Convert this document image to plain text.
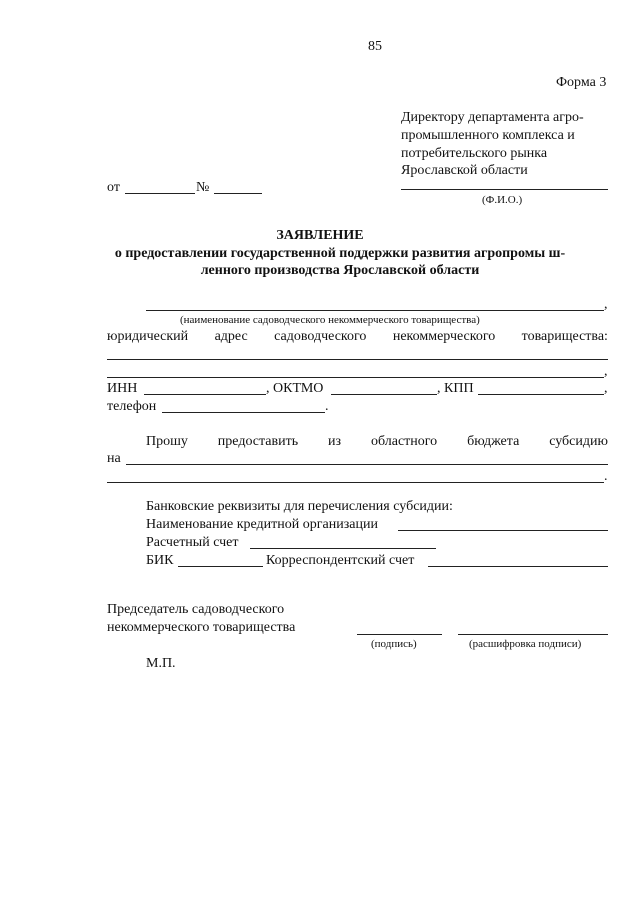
85
Форма 3
Директору департамента агро-
промышленного комплекса и
потребительского рынка
Ярославской области
(Ф.И.О.)
от	№
ЗАЯВЛЕНИЕ
о предоставлении государственной поддержки развития агропромы ш-
ленного производства Ярославской области
,
(наименование садоводческого некоммерческого товарищества)
юридический адрес садоводческого некоммерческого товарищества:
,
ИНН	, ОКТМО	, КПП	,
телефон	.
Прошу предоставить из областного бюджета субсидию
на
.
Банковские реквизиты для перечисления субсидии:
Наименование кредитной организации
Расчетный счет
БИК	Корреспондентский счет
Председатель садоводческого
некоммерческого товарищества
(подпись)	(расшифровка подписи)
М.П.
